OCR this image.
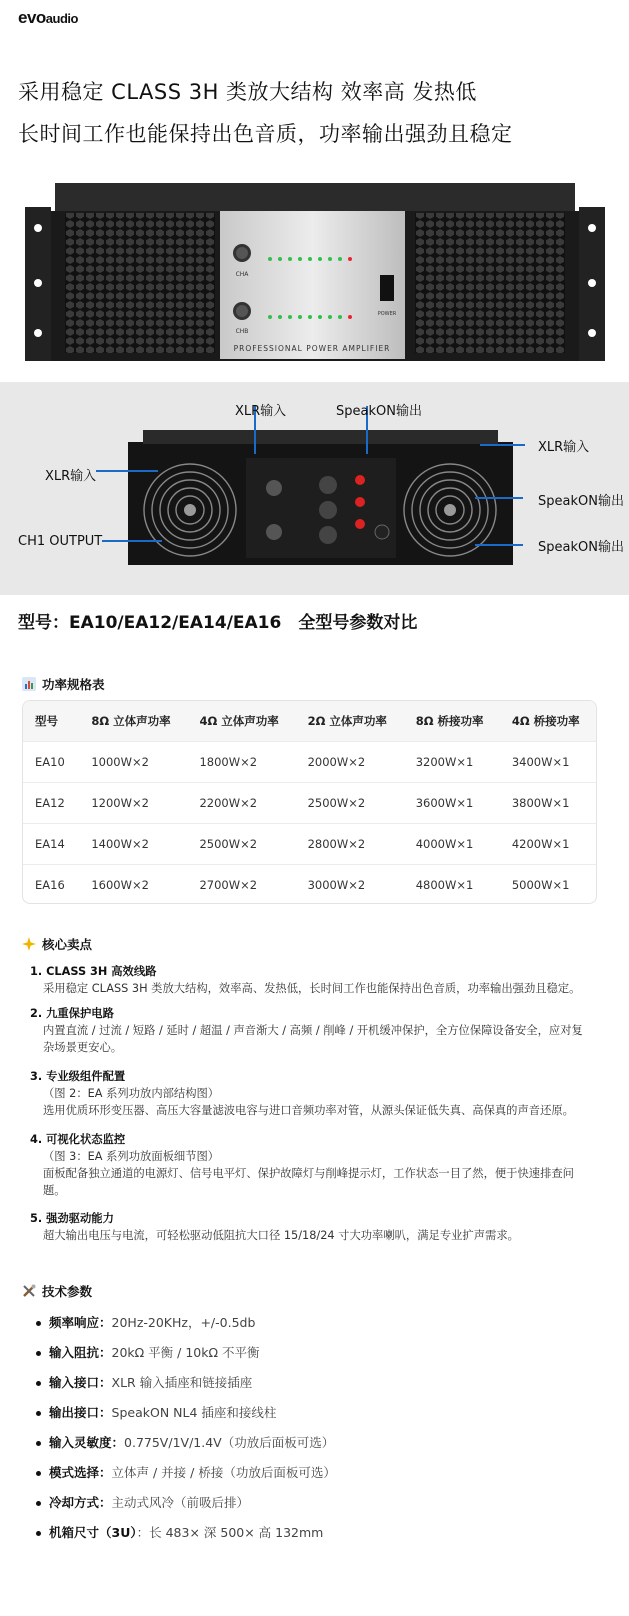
evoaudio
采用稳定 CLASS 3H 类放大结构 效率高 发热低
长时间工作也能保持出色音质，功率输出强劲且稳定
CHA
CHB
POWER
PROFESSIONAL POWER AMPLIFIER
XLR输入	SpeakON输出
XLR输入
XLR输入
SpeakON输出
CH1 OUTPUT	SpeakON输出
型号：EA10/EA12/EA14/EA16　全型号参数对比
功率规格表
型号	8Ω 立体声功率	4Ω 立体声功率	2Ω 立体声功率	8Ω 桥接功率	4Ω 桥接功率
EA10	1000W×2	1800W×2	2000W×2	3200W×1	3400W×1
EA12	1200W×2	2200W×2	2500W×2	3600W×1	3800W×1
EA14	1400W×2	2500W×2	2800W×2	4000W×1	4200W×1
EA16	1600W×2	2700W×2	3000W×2	4800W×1	5000W×1
核心卖点
1. CLASS 3H 高效线路
采用稳定 CLASS 3H 类放大结构，效率高、发热低，长时间工作也能保持出色音质，功率输出强劲且稳定。
2. 九重保护电路
内置直流 / 过流 / 短路 / 延时 / 超温 / 声音渐大 / 高频 / 削峰 / 开机缓冲保护，全方位保障设备安全，应对复
杂场景更安心。
3. 专业级组件配置
（图 2：EA 系列功放内部结构图）
选用优质环形变压器、高压大容量滤波电容与进口音频功率对管，从源头保证低失真、高保真的声音还原。
4. 可视化状态监控
（图 3：EA 系列功放面板细节图）
面板配备独立通道的电源灯、信号电平灯、保护故障灯与削峰提示灯，工作状态一目了然，便于快速排查问
题。
5. 强劲驱动能力
超大输出电压与电流，可轻松驱动低阻抗大口径 15/18/24 寸大功率喇叭，满足专业扩声需求。
技术参数
频率响应：20Hz-20KHz，+/-0.5db
输入阻抗：20kΩ 平衡 / 10kΩ 不平衡
输入接口：XLR 输入插座和链接插座
输出接口：SpeakON NL4 插座和接线柱
输入灵敏度：0.775V/1V/1.4V（功放后面板可选）
模式选择：立体声 / 并接 / 桥接（功放后面板可选）
冷却方式：主动式风冷（前吸后排）
机箱尺寸（3U）：长 483× 深 500× 高 132mm
